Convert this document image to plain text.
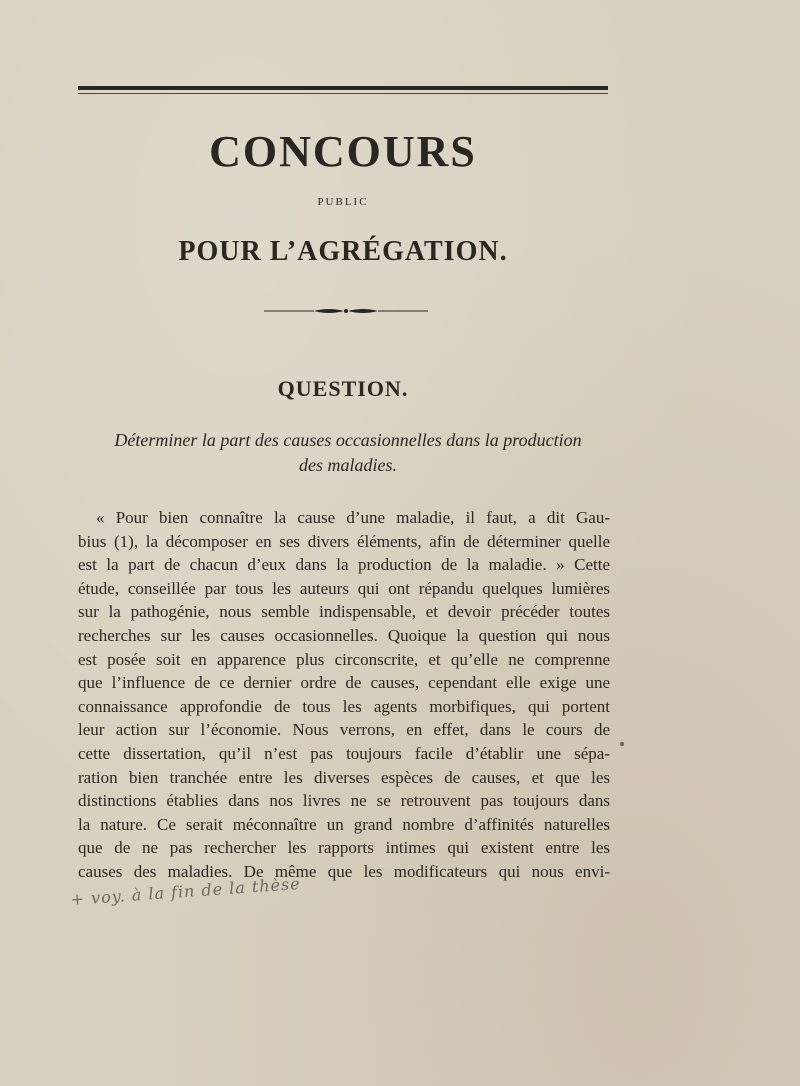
CONCOURS
PUBLIC
POUR L’AGRÉGATION.
QUESTION.
Déterminer la part des causes occasionnelles dans la production
des maladies.
« Pour bien connaître la cause d’une maladie, il faut, a dit Gau-
bius (1), la décomposer en ses divers éléments, afin de déterminer quelle
est la part de chacun d’eux dans la production de la maladie. » Cette
étude, conseillée par tous les auteurs qui ont répandu quelques lumières
sur la pathogénie, nous semble indispensable, et devoir précéder toutes
recherches sur les causes occasionnelles. Quoique la question qui nous
est posée soit en apparence plus circonscrite, et qu’elle ne comprenne
que l’influence de ce dernier ordre de causes, cependant elle exige une
connaissance approfondie de tous les agents morbifiques, qui portent
leur action sur l’économie. Nous verrons, en effet, dans le cours de
cette dissertation, qu’il n’est pas toujours facile d’établir une sépa-
ration bien tranchée entre les diverses espèces de causes, et que les
distinctions établies dans nos livres ne se retrouvent pas toujours dans
la nature. Ce serait méconnaître un grand nombre d’affinités naturelles
que de ne pas rechercher les rapports intimes qui existent entre les
causes des maladies. De même que les modificateurs qui nous envi-
+ voy. à la fin de la thèse
